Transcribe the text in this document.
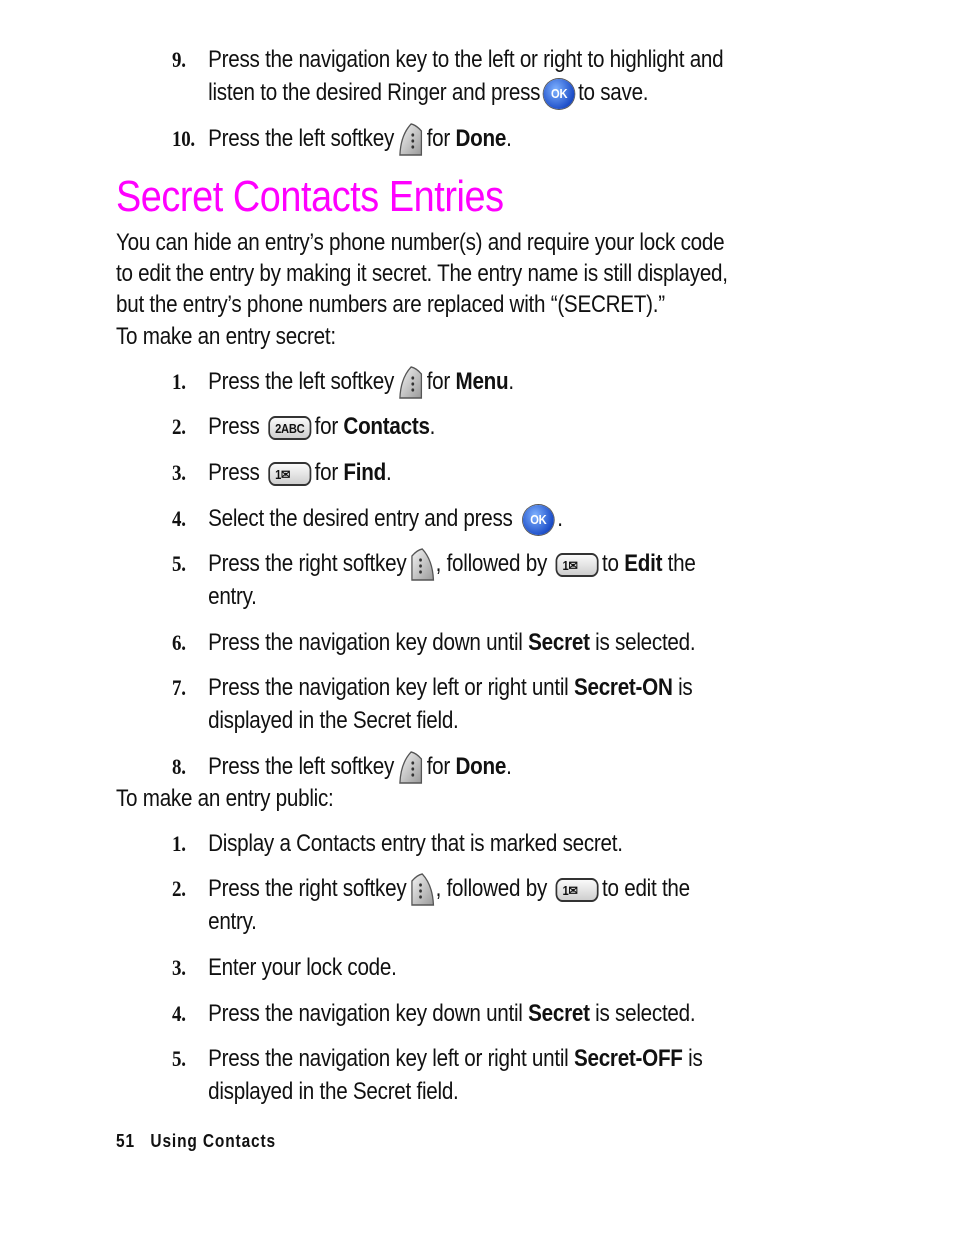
9. Press the navigation key to the left or right to highlight and
listen to the desired Ringer and press OK to save.
10. Press the left softkey for Done.
Secret Contacts Entries
You can hide an entry’s phone number(s) and require your lock code
to edit the entry by making it secret. The entry name is still displayed,
but the entry’s phone numbers are replaced with “(SECRET).”
To make an entry secret:
1. Press the left softkey for Menu.
2. Press 2ABC for Contacts.
3. Press 1✉ for Find.
4. Select the desired entry and press OK .
5. Press the right softkey , followed by 1✉ to Edit the
entry.
6. Press the navigation key down until Secret is selected.
7. Press the navigation key left or right until Secret-ON is
displayed in the Secret field.
8. Press the left softkey for Done.
To make an entry public:
1. Display a Contacts entry that is marked secret.
2. Press the right softkey , followed by 1✉ to edit the
entry.
3. Enter your lock code.
4. Press the navigation key down until Secret is selected.
5. Press the navigation key left or right until Secret-OFF is
displayed in the Secret field.
51 Using Contacts
